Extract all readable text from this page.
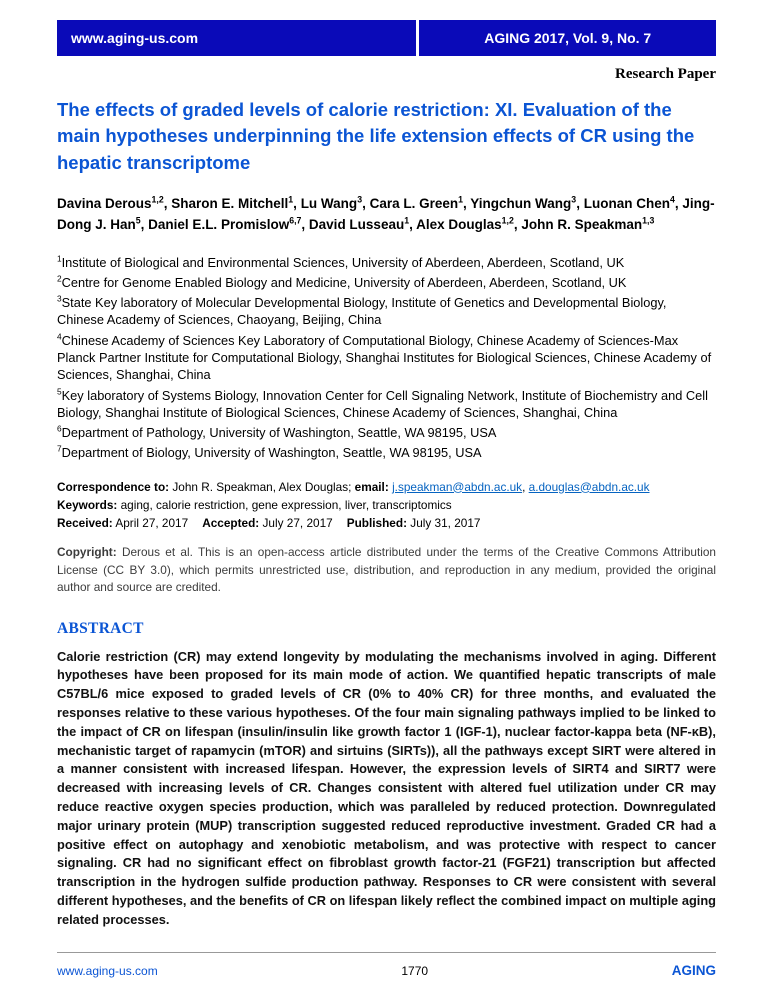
www.aging-us.com	AGING 2017, Vol. 9, No. 7
Research Paper
The effects of graded levels of calorie restriction: XI. Evaluation of the main hypotheses underpinning the life extension effects of CR using the hepatic transcriptome

Davina Derous$^{1,2}$, Sharon E. Mitchell$^1$, Lu Wang$^3$, Cara L. Green$^1$, Yingchun Wang$^3$, Luonan Chen$^4$, Jing-Dong J. Han$^5$, Daniel E.L. Promislow$^{6,7}$, David Lusseau$^1$, Alex Douglas$^{1,2}$, John R. Speakman$^{1,3}$

$^1$Institute of Biological and Environmental Sciences, University of Aberdeen, Aberdeen, Scotland, UK

$^2$Centre for Genome Enabled Biology and Medicine, University of Aberdeen, Aberdeen, Scotland, UK

$^3$State Key laboratory of Molecular Developmental Biology, Institute of Genetics and Developmental Biology, Chinese Academy of Sciences, Chaoyang, Beijing, China

$^4$Chinese Academy of Sciences Key Laboratory of Computational Biology, Chinese Academy of Sciences-Max Planck Partner Institute for Computational Biology, Shanghai Institutes for Biological Sciences, Chinese Academy of Sciences, Shanghai, China

$^5$Key laboratory of Systems Biology, Innovation Center for Cell Signaling Network, Institute of Biochemistry and Cell Biology, Shanghai Institute of Biological Sciences, Chinese Academy of Sciences, Shanghai, China

$^6$Department of Pathology, University of Washington, Seattle, WA 98195, USA

$^7$Department of Biology, University of Washington, Seattle, WA 98195, USA

Correspondence to: John R. Speakman, Alex Douglas; email: j.speakman@abdn.ac.uk, a.douglas@abdn.ac.uk

Keywords: aging, calorie restriction, gene expression, liver, transcriptomics

Received: April 27, 2017 Accepted: July 27, 2017 Published: July 31, 2017

Copyright: Derous et al. This is an open-access article distributed under the terms of the Creative Commons Attribution License (CC BY 3.0), which permits unrestricted use, distribution, and reproduction in any medium, provided the original author and source are credited.

ABSTRACT

Calorie restriction (CR) may extend longevity by modulating the mechanisms involved in aging. Different hypotheses have been proposed for its main mode of action. We quantified hepatic transcripts of male C57BL/6 mice exposed to graded levels of CR (0% to 40% CR) for three months, and evaluated the responses relative to these various hypotheses. Of the four main signaling pathways implied to be linked to the impact of CR on lifespan (insulin/insulin like growth factor 1 (IGF-1), nuclear factor-kappa beta (NF-κB), mechanistic target of rapamycin (mTOR) and sirtuins (SIRTs)), all the pathways except SIRT were altered in a manner consistent with increased lifespan. However, the expression levels of SIRT4 and SIRT7 were decreased with increasing levels of CR. Changes consistent with altered fuel utilization under CR may reduce reactive oxygen species production, which was paralleled by reduced protection. Downregulated major urinary protein (MUP) transcription suggested reduced reproductive investment. Graded CR had a positive effect on autophagy and xenobiotic metabolism, and was protective with respect to cancer signaling. CR had no significant effect on fibroblast growth factor-21 (FGF21) transcription but affected transcription in the hydrogen sulfide production pathway. Responses to CR were consistent with several different hypotheses, and the benefits of CR on lifespan likely reflect the combined impact on multiple aging related processes.

www.aging-us.com	1770	AGING
